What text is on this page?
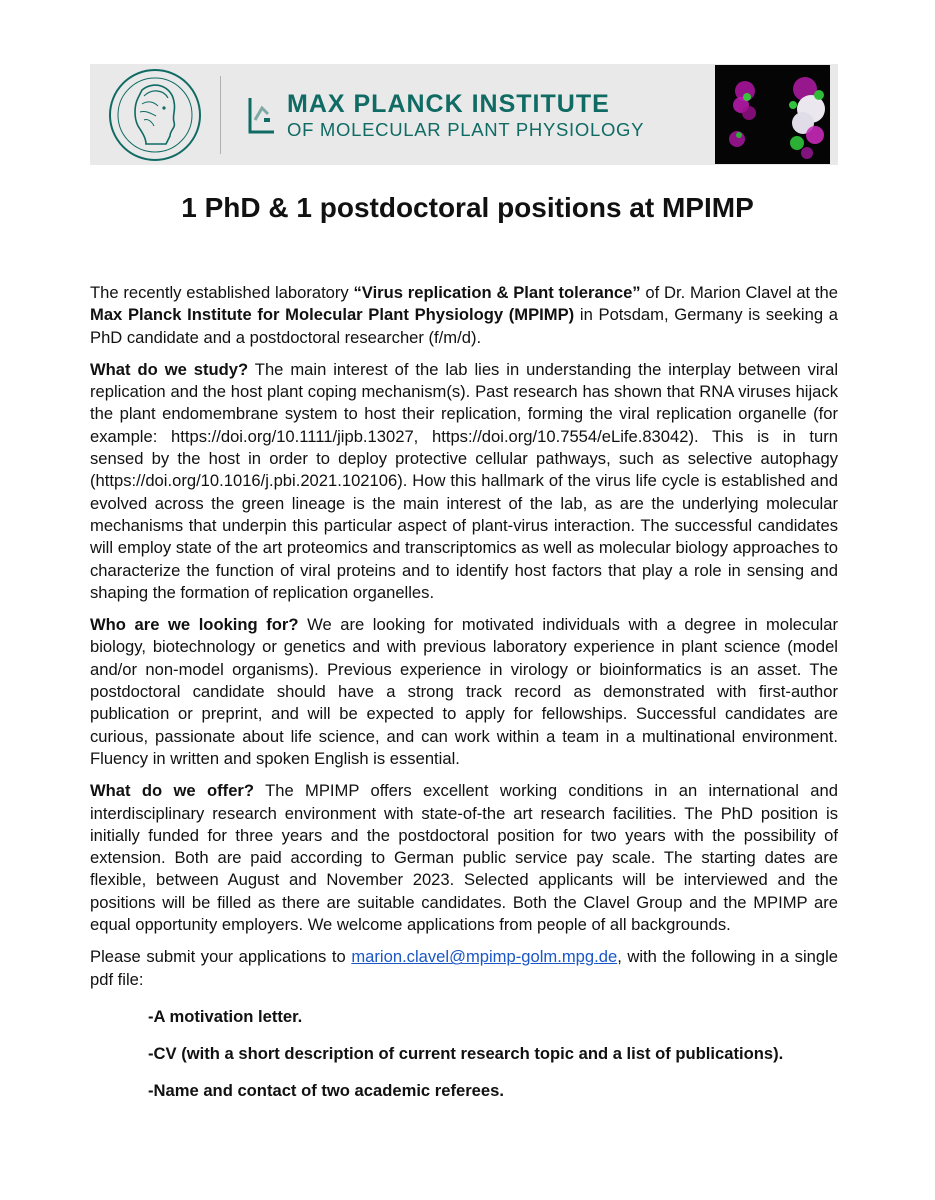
MAX PLANCK INSTITUTE
OF MOLECULAR PLANT PHYSIOLOGY
1 PhD & 1 postdoctoral positions at MPIMP

The recently established laboratory “Virus replication & Plant tolerance” of Dr. Marion Clavel at the Max Planck Institute for Molecular Plant Physiology (MPIMP) in Potsdam, Germany is seeking a PhD candidate and a postdoctoral researcher (f/m/d).

What do we study? The main interest of the lab lies in understanding the interplay between viral replication and the host plant coping mechanism(s). Past research has shown that RNA viruses hijack the plant endomembrane system to host their replication, forming the viral replication organelle (for example: https://doi.org/10.1111/jipb.13027, https://doi.org/10.7554/eLife.83042). This is in turn sensed by the host in order to deploy protective cellular pathways, such as selective autophagy (https://doi.org/10.1016/j.pbi.2021.102106). How this hallmark of the virus life cycle is established and evolved across the green lineage is the main interest of the lab, as are the underlying molecular mechanisms that underpin this particular aspect of plant-virus interaction. The successful candidates will employ state of the art proteomics and transcriptomics as well as molecular biology approaches to characterize the function of viral proteins and to identify host factors that play a role in sensing and shaping the formation of replication organelles.

Who are we looking for? We are looking for motivated individuals with a degree in molecular biology, biotechnology or genetics and with previous laboratory experience in plant science (model and/or non-model organisms). Previous experience in virology or bioinformatics is an asset. The postdoctoral candidate should have a strong track record as demonstrated with first-author publication or preprint, and will be expected to apply for fellowships. Successful candidates are curious, passionate about life science, and can work within a team in a multinational environment. Fluency in written and spoken English is essential.

What do we offer? The MPIMP offers excellent working conditions in an international and interdisciplinary research environment with state-of-the art research facilities. The PhD position is initially funded for three years and the postdoctoral position for two years with the possibility of extension. Both are paid according to German public service pay scale. The starting dates are flexible, between August and November 2023. Selected applicants will be interviewed and the positions will be filled as there are suitable candidates. Both the Clavel Group and the MPIMP are equal opportunity employers. We welcome applications from people of all backgrounds.

Please submit your applications to marion.clavel@mpimp-golm.mpg.de, with the following in a single pdf file:

-A motivation letter.
-CV (with a short description of current research topic and a list of publications).
-Name and contact of two academic referees.
